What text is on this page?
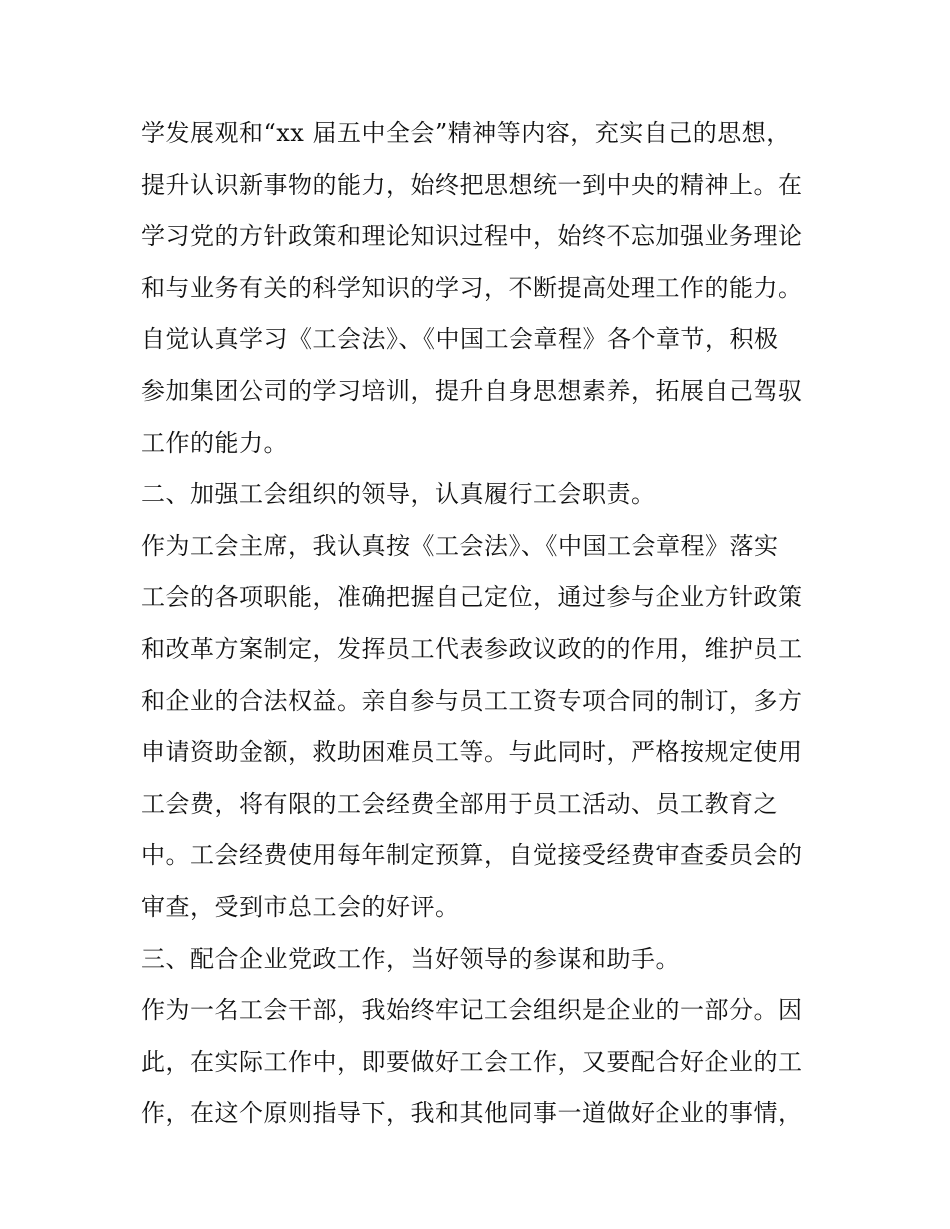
学发展观和“xx 届五中全会”精神等内容，充实自己的思想，
提升认识新事物的能力，始终把思想统一到中央的精神上。在
学习党的方针政策和理论知识过程中，始终不忘加强业务理论
和与业务有关的科学知识的学习，不断提高处理工作的能力。
自觉认真学习《工会法》、《中国工会章程》各个章节，积极
参加集团公司的学习培训，提升自身思想素养，拓展自己驾驭
工作的能力。
二、加强工会组织的领导，认真履行工会职责。
作为工会主席，我认真按《工会法》、《中国工会章程》落实
工会的各项职能，准确把握自己定位，通过参与企业方针政策
和改革方案制定，发挥员工代表参政议政的的作用，维护员工
和企业的合法权益。亲自参与员工工资专项合同的制订，多方
申请资助金额，救助困难员工等。与此同时，严格按规定使用
工会费，将有限的工会经费全部用于员工活动、员工教育之
中。工会经费使用每年制定预算，自觉接受经费审查委员会的
审查，受到市总工会的好评。
三、配合企业党政工作，当好领导的参谋和助手。
作为一名工会干部，我始终牢记工会组织是企业的一部分。因
此，在实际工作中，即要做好工会工作，又要配合好企业的工
作，在这个原则指导下，我和其他同事一道做好企业的事情，
